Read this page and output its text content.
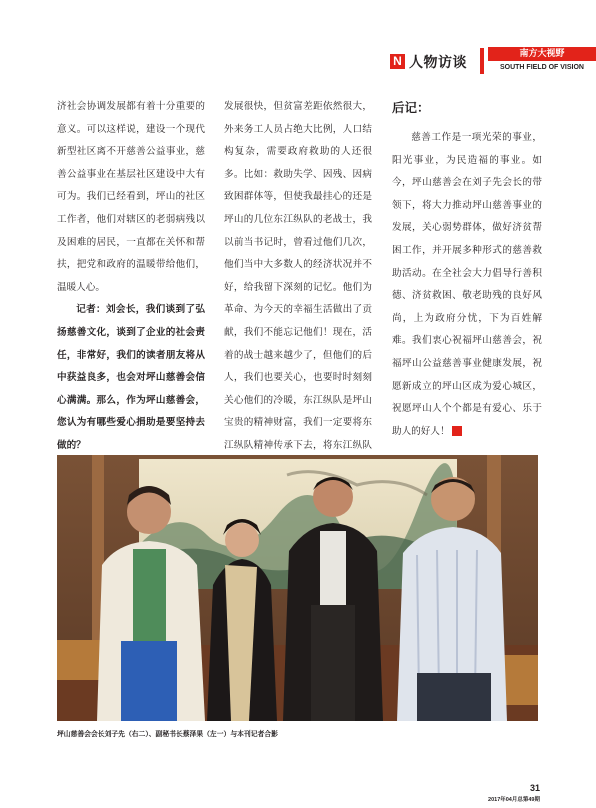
N 人物访谈
南方大视野
SOUTH FIELD OF VISION

济社会协调发展都有着十分重要的意义。可以这样说，建设一个现代新型社区离不开慈善公益事业，慈善公益事业在基层社区建设中大有可为。我们已经看到，坪山的社区工作者，他们对辖区的老弱病残以及困难的居民，一直都在关怀和帮扶，把党和政府的温暖带给他们，温暖人心。

记者：刘会长，我们谈到了弘扬慈善文化，谈到了企业的社会责任，非常好，我们的读者朋友将从中获益良多，也会对坪山慈善会信心满满。那么，作为坪山慈善会，您认为有哪些爱心捐助是要坚持去做的？

发展很快，但贫富差距依然很大，外来务工人员占绝大比例，人口结构复杂，需要政府救助的人还很多。比如：救助失学、因残、因病致困群体等，但使我最挂心的还是坪山的几位东江纵队的老战士，我以前当书记时，曾看过他们几次，他们当中大多数人的经济状况并不好，给我留下深刻的记忆。他们为革命、为今天的幸福生活做出了贡献，我们不能忘记他们！现在，活着的战士越来越少了，但他们的后人，我们也要关心，也要时时刻刻关心他们的冷暖，东江纵队是坪山宝贵的精神财富，我们一定要将东江纵队精神传承下去，将东江纵队

后记：

慈善工作是一项光荣的事业，阳光事业，为民造福的事业。如今，坪山慈善会在刘子先会长的带领下，将大力推动坪山慈善事业的发展，关心弱势群体，做好济贫帮困工作，并开展多种形式的慈善救助活动。在全社会大力倡导行善积德、济贫救困、敬老助残的良好风尚，上为政府分忧，下为百姓解难。我们衷心祝福坪山慈善会，祝福坪山公益慈善事业健康发展，祝愿新成立的坪山区成为爱心城区，祝愿坪山人个个都是有爱心、乐于助人的好人！	N

坪山慈善会会长刘子先（右二）、副秘书长蔡泽果（左一）与本刊记者合影
31
2017年04月总第49期
